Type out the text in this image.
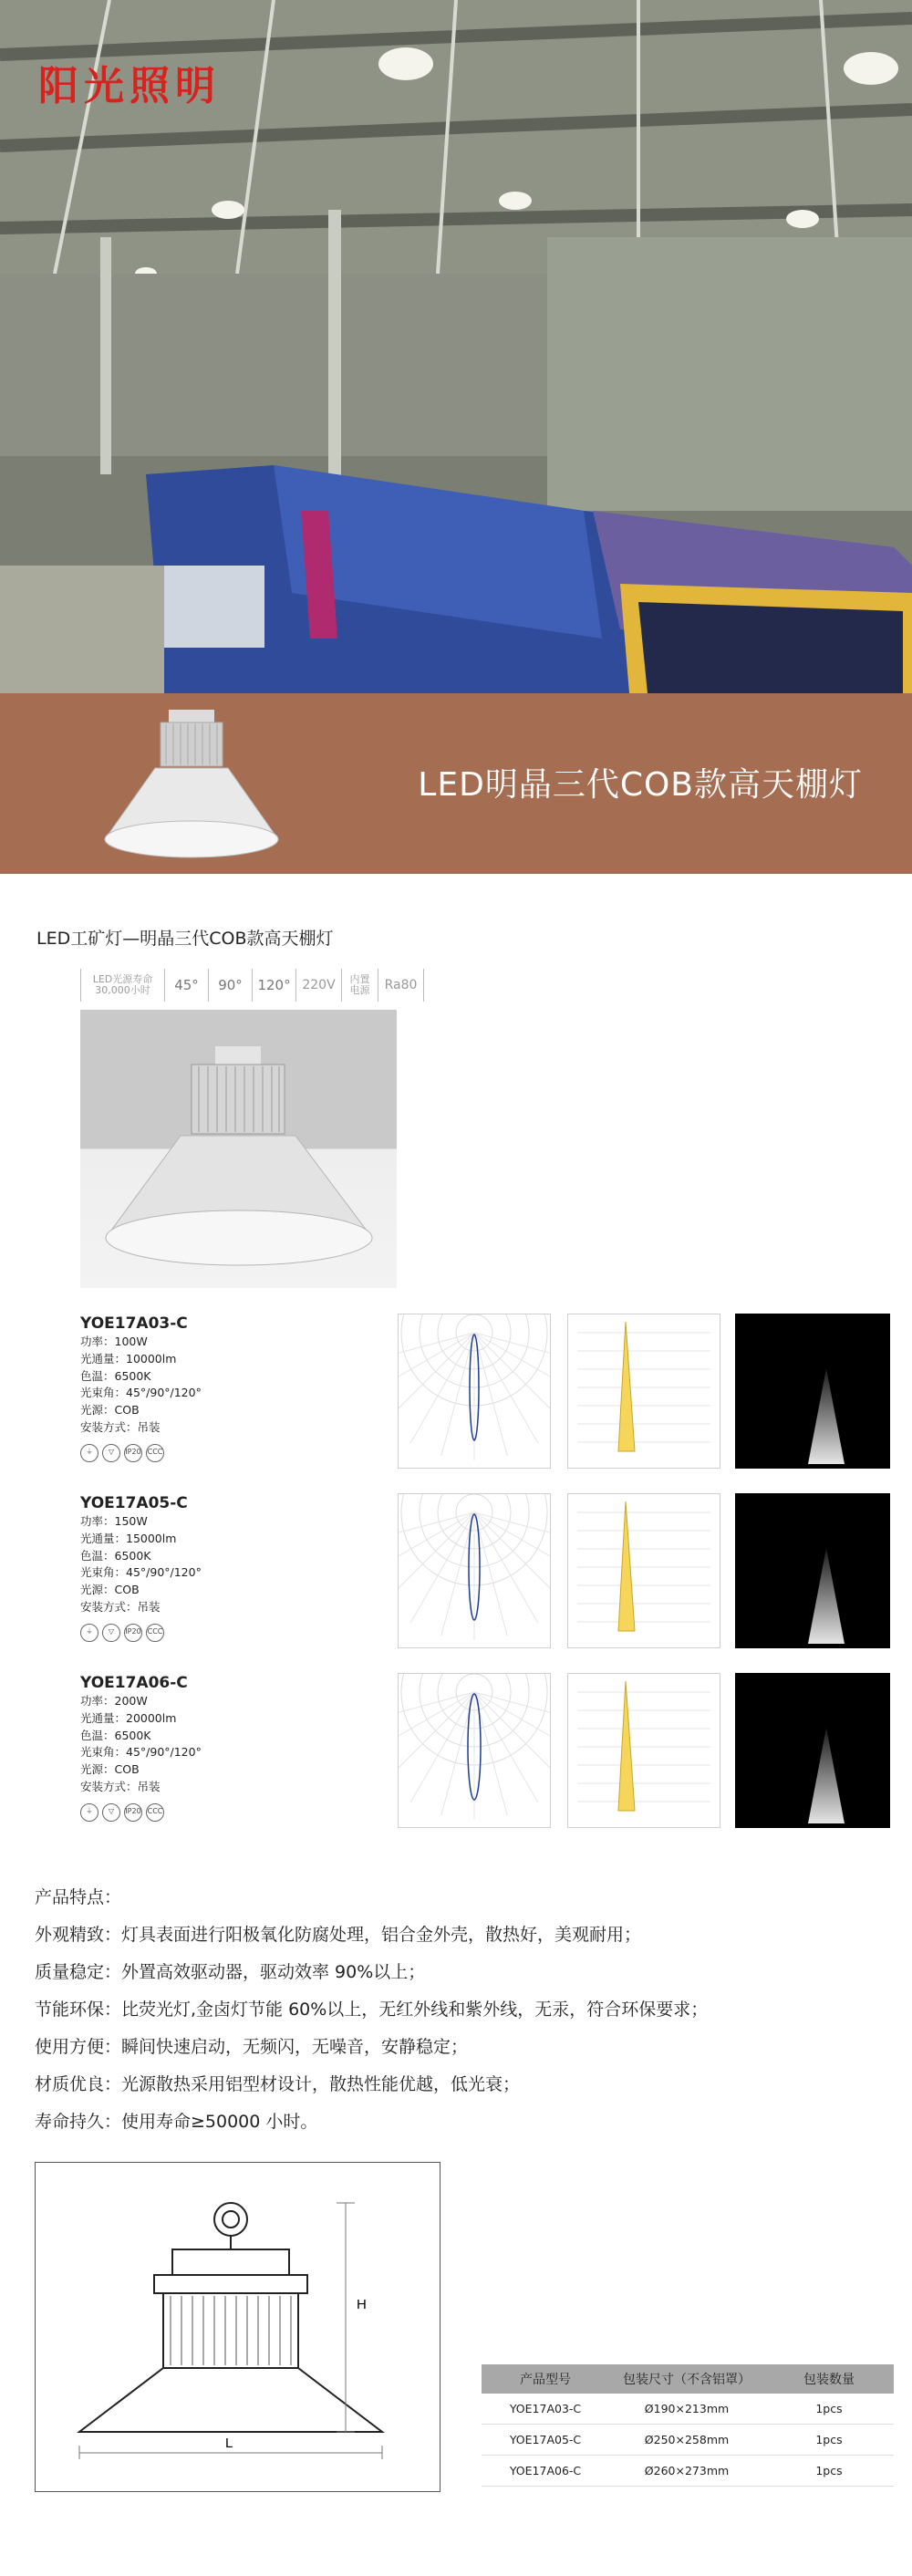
阳光照明
LED明晶三代COB款高天棚灯
LED工矿灯—明晶三代COB款高天棚灯
LED光源寿命
30,000小时 45° 90° 120° 220V	内置
电源	Ra80
YOE17A03-C
功率：100W
光通量：10000lm
色温：6500K
光束角：45°/90°/120°
光源：COB
安装方式：吊装
⏚	▽	IP20 CCC
YOE17A05-C
功率：150W
光通量：15000lm
色温：6500K
光束角：45°/90°/120°
光源：COB
安装方式：吊装
⏚	▽	IP20 CCC
YOE17A06-C
功率：200W
光通量：20000lm
色温：6500K
光束角：45°/90°/120°
光源：COB
安装方式：吊装
⏚	▽	IP20 CCC
产品特点：
外观精致：灯具表面进行阳极氧化防腐处理，铝合金外壳，散热好，美观耐用；
质量稳定：外置高效驱动器，驱动效率 90%以上；
节能环保：比荧光灯,金卤灯节能 60%以上，无红外线和紫外线，无汞，符合环保要求；
使用方便：瞬间快速启动，无频闪，无噪音，安静稳定；
材质优良：光源散热采用铝型材设计，散热性能优越，低光衰；
寿命持久：使用寿命≥50000 小时。
H
L
产品型号	包装尺寸（不含铝罩）	包装数量
YOE17A03-C	Ø190×213mm	1pcs
YOE17A05-C	Ø250×258mm	1pcs
YOE17A06-C	Ø260×273mm	1pcs
